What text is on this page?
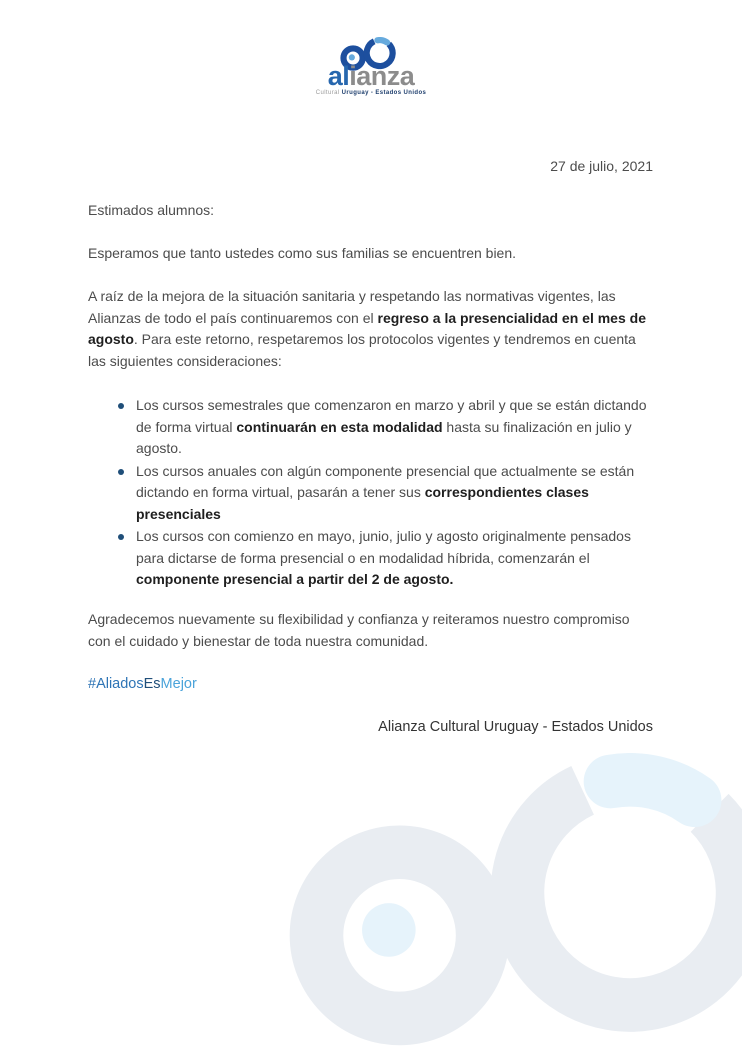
alianza
Cultural Uruguay - Estados Unidos
27 de julio, 2021
Estimados alumnos:
Esperamos que tanto ustedes como sus familias se encuentren bien.

A raíz de la mejora de la situación sanitaria y respetando las normativas vigentes, las Alianzas de todo el país continuaremos con el regreso a la presencialidad en el mes de agosto. Para este retorno, respetaremos los protocolos vigentes y tendremos en cuenta las siguientes consideraciones:

Los cursos semestrales que comenzaron en marzo y abril y que se están dictando de forma virtual continuarán en esta modalidad hasta su finalización en julio y agosto.
Los cursos anuales con algún componente presencial que actualmente se están dictando en forma virtual, pasarán a tener sus correspondientes clases presenciales
Los cursos con comienzo en mayo, junio, julio y agosto originalmente pensados para dictarse de forma presencial o en modalidad híbrida, comenzarán el componente presencial a partir del 2 de agosto.

Agradecemos nuevamente su flexibilidad y confianza y reiteramos nuestro compromiso con el cuidado y bienestar de toda nuestra comunidad.

#AliadosEsMejor
Alianza Cultural Uruguay - Estados Unidos
